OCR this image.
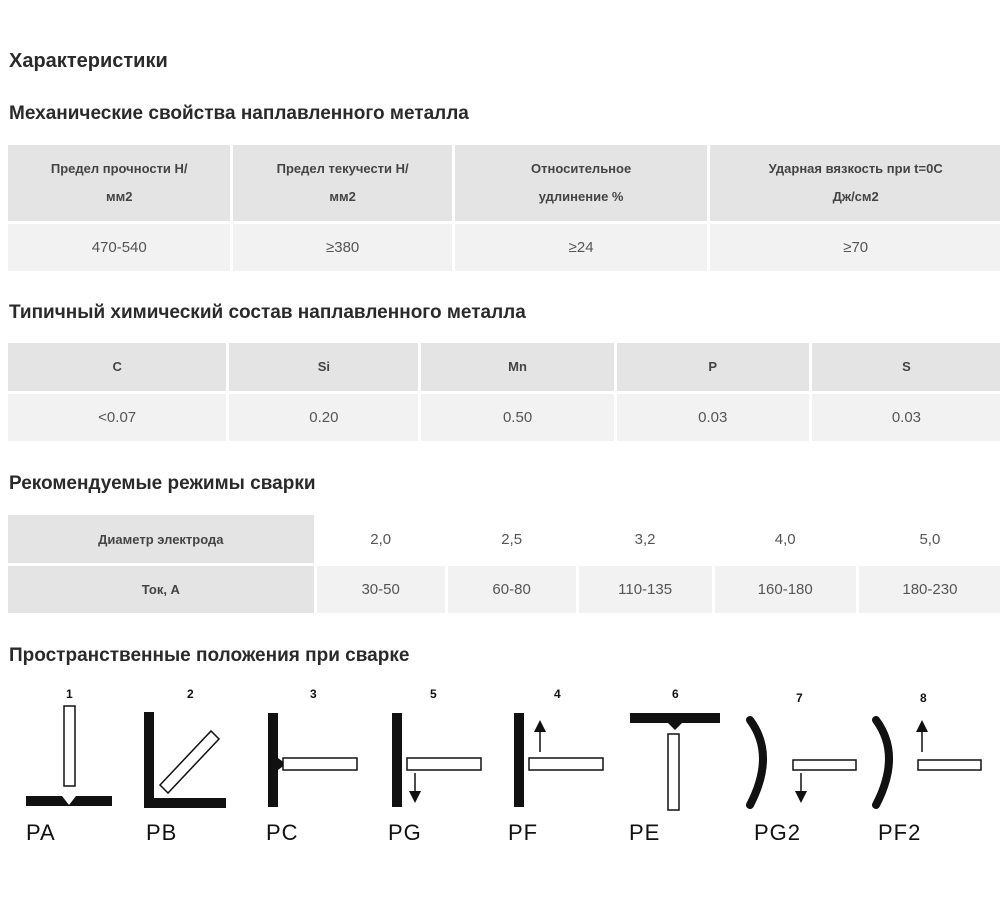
Характеристики
Механические свойства наплавленного металла
Предел прочности Н/
мм2	Предел текучести Н/
мм2	Относительное
удлинение %	Ударная вязкость при t=0C
Дж/см2

470-540	≥380	≥24	≥70
Типичный химический состав наплавленного металла
C	Si	Mn	P	S

<0.07	0.20	0.50	0.03	0.03
Рекомендуемые режимы сварки
Диаметр электрода	2,0	2,5	3,2	4,0	5,0

Ток, А	30-50	60-80	110-135	160-180	180-230
Пространственные положения при сварке
1
PA
2
PB
3
PC
5
PG
4
PF
6
PE
7
PG2
8
PF2
